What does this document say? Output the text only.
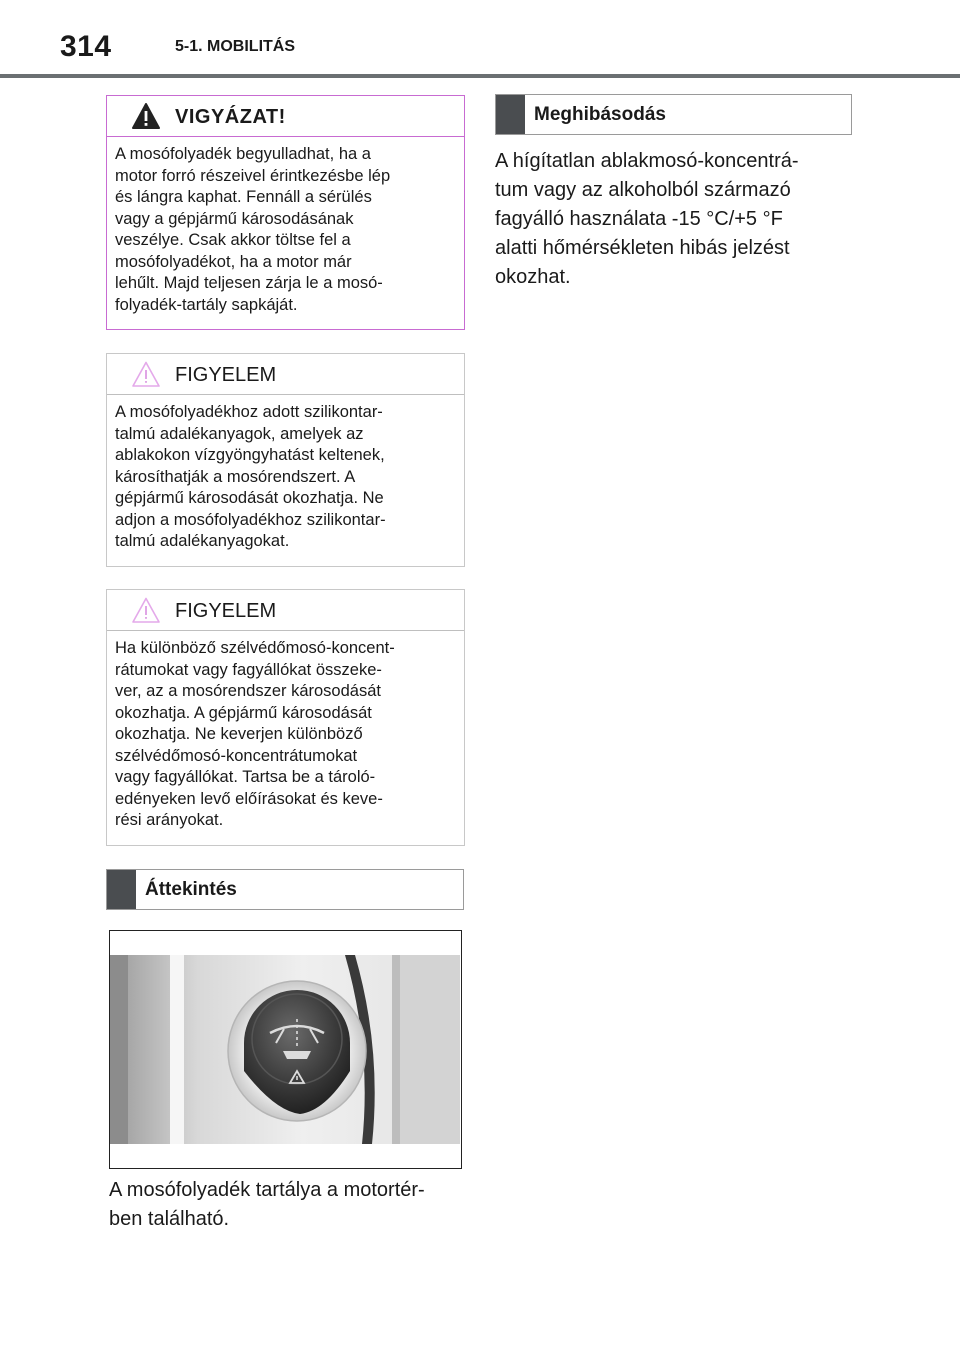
314	5-1. MOBILITÁS
VIGYÁZAT!
A mosófolyadék begyulladhat, ha a
motor forró részeivel érintkezésbe lép
és lángra kaphat. Fennáll a sérülés
vagy a gépjármű károsodásának
veszélye. Csak akkor töltse fel a
mosófolyadékot, ha a motor már
lehűlt. Majd teljesen zárja le a mosó-
folyadék-tartály sapkáját.
FIGYELEM
A mosófolyadékhoz adott szilikontar-
talmú adalékanyagok, amelyek az
ablakokon vízgyöngyhatást keltenek,
károsíthatják a mosórendszert. A
gépjármű károsodását okozhatja. Ne
adjon a mosófolyadékhoz szilikontar-
talmú adalékanyagokat.
FIGYELEM
Ha különböző szélvédőmosó-koncent-
rátumokat vagy fagyállókat összeke-
ver, az a mosórendszer károsodását
okozhatja. A gépjármű károsodását
okozhatja. Ne keverjen különböző
szélvédőmosó-koncentrátumokat
vagy fagyállókat. Tartsa be a tároló-
edényeken levő előírásokat és keve-
rési arányokat.
Áttekintés
A mosófolyadék tartálya a motortér-
ben található.
Meghibásodás
A hígítatlan ablakmosó-koncentrá-
tum vagy az alkoholból származó
fagyálló használata -15 °C/+5 °F
alatti hőmérsékleten hibás jelzést
okozhat.
